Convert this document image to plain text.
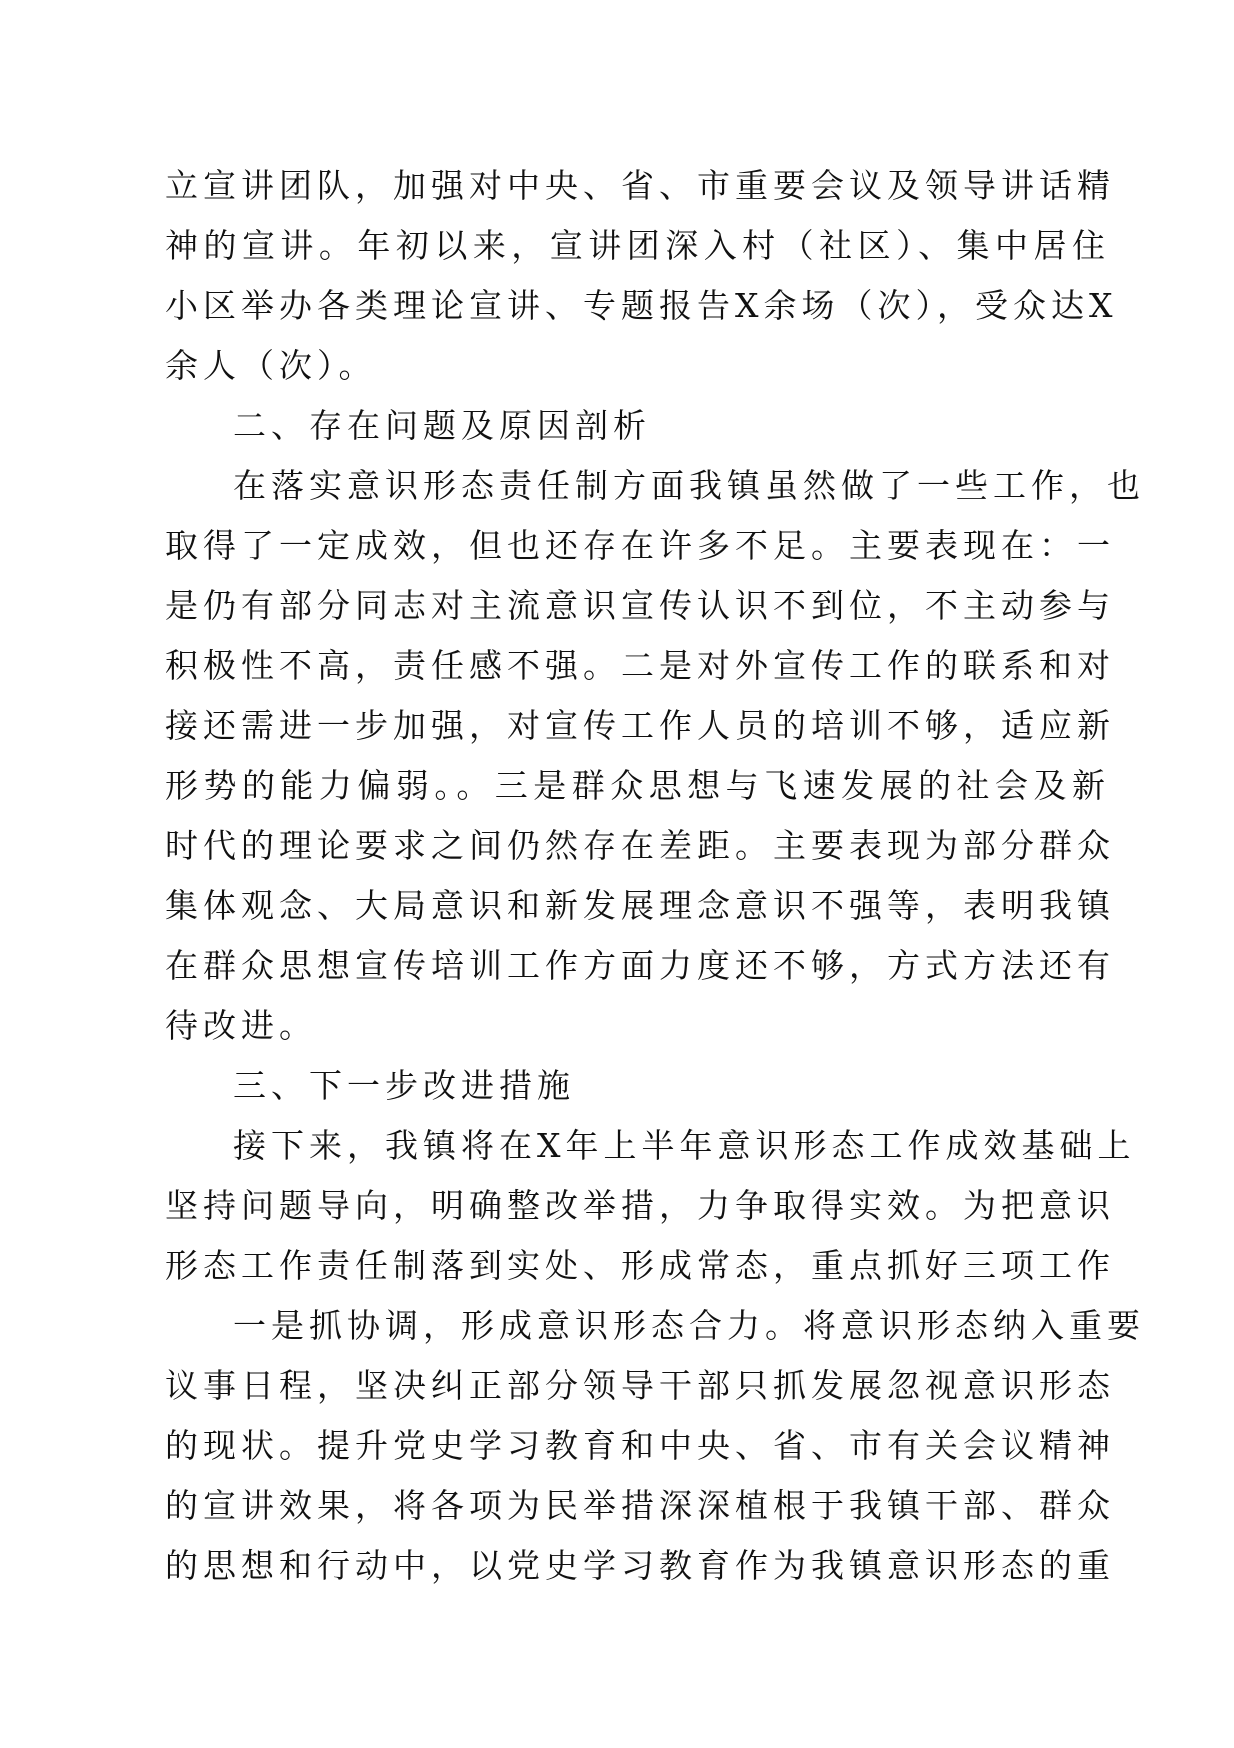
立宣讲团队，加强对中央、省、市重要会议及领导讲话精
神的宣讲。年初以来，宣讲团深入村（社区）、集中居住
小区举办各类理论宣讲、专题报告X余场（次），受众达X
余人（次）。
二、存在问题及原因剖析
在落实意识形态责任制方面我镇虽然做了一些工作，也
取得了一定成效，但也还存在许多不足。主要表现在：一
是仍有部分同志对主流意识宣传认识不到位，不主动参与
积极性不高，责任感不强。二是对外宣传工作的联系和对
接还需进一步加强，对宣传工作人员的培训不够，适应新
形势的能力偏弱。。三是群众思想与飞速发展的社会及新
时代的理论要求之间仍然存在差距。主要表现为部分群众
集体观念、大局意识和新发展理念意识不强等，表明我镇
在群众思想宣传培训工作方面力度还不够，方式方法还有
待改进。
三、下一步改进措施
接下来，我镇将在X年上半年意识形态工作成效基础上
坚持问题导向，明确整改举措，力争取得实效。为把意识
形态工作责任制落到实处、形成常态，重点抓好三项工作
一是抓协调，形成意识形态合力。将意识形态纳入重要
议事日程，坚决纠正部分领导干部只抓发展忽视意识形态
的现状。提升党史学习教育和中央、省、市有关会议精神
的宣讲效果，将各项为民举措深深植根于我镇干部、群众
的思想和行动中，以党史学习教育作为我镇意识形态的重
